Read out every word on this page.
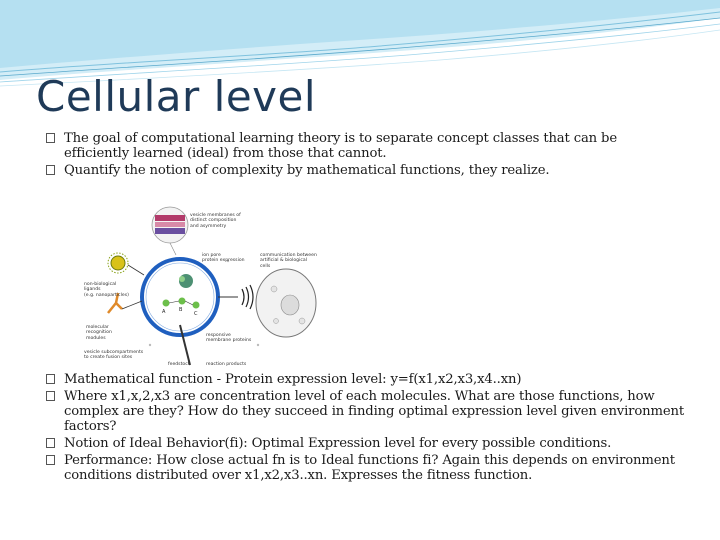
Cellular level
The goal of computational learning theory is to separate concept classes that can be efficiently learned (ideal) from those that cannot.
Quantify the notion of complexity by mathematical functions, they realize.
A	B
C
vesicle membranes of
distinct composition
and asymmetry
ion pore
protein expression
communication between
artificial & biological
cells
non-biological
ligands
(e.g. nanoparticles)
molecular
recognition
modules
vesicle subcompartments
to create fusion sites
feedstock
responsive
membrane proteins
reaction products
Mathematical function - Protein expression level: y=f(x1,x2,x3,x4..xn)
Where x1,x,2,x3 are concentration level of each molecules. What are those functions, how complex are they? How do they succeed in finding optimal expression level given environment factors?
Notion of Ideal Behavior(fi): Optimal Expression level for every possible conditions.
Performance: How close actual fn is to Ideal functions fi? Again this depends on environment conditions distributed over x1,x2,x3..xn. Expresses the fitness function.
